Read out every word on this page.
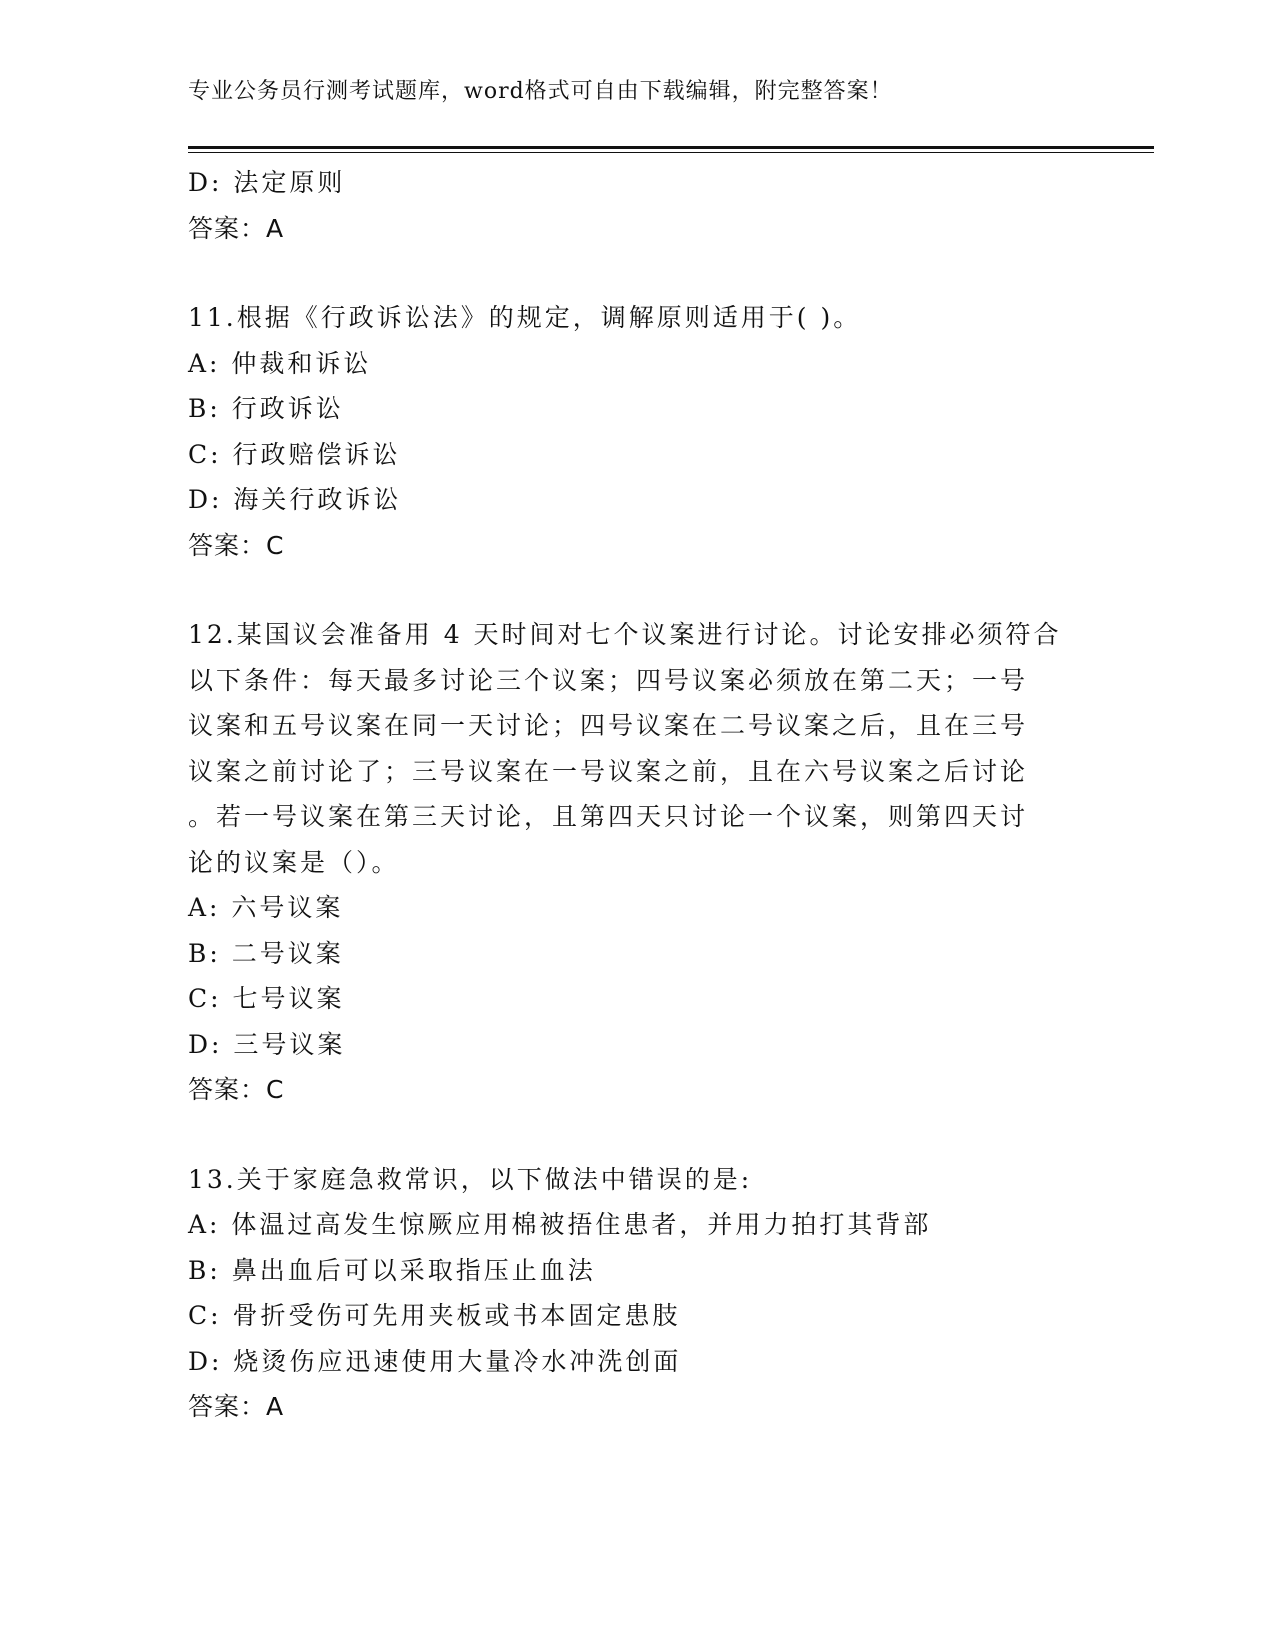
专业公务员行测考试题库，word格式可自由下载编辑，附完整答案！
D: 法定原则
答案：A
11.根据《行政诉讼法》的规定，调解原则适用于( )。
A: 仲裁和诉讼
B: 行政诉讼
C: 行政赔偿诉讼
D: 海关行政诉讼
答案：C
12.某国议会准备用 4 天时间对七个议案进行讨论。讨论安排必须符合
以下条件：每天最多讨论三个议案；四号议案必须放在第二天；一号
议案和五号议案在同一天讨论；四号议案在二号议案之后，且在三号
议案之前讨论了；三号议案在一号议案之前，且在六号议案之后讨论
。若一号议案在第三天讨论，且第四天只讨论一个议案，则第四天讨
论的议案是（）。
A: 六号议案
B: 二号议案
C: 七号议案
D: 三号议案
答案：C
13.关于家庭急救常识，以下做法中错误的是:
A: 体温过高发生惊厥应用棉被捂住患者，并用力拍打其背部
B: 鼻出血后可以采取指压止血法
C: 骨折受伤可先用夹板或书本固定患肢
D: 烧烫伤应迅速使用大量冷水冲洗创面
答案：A
